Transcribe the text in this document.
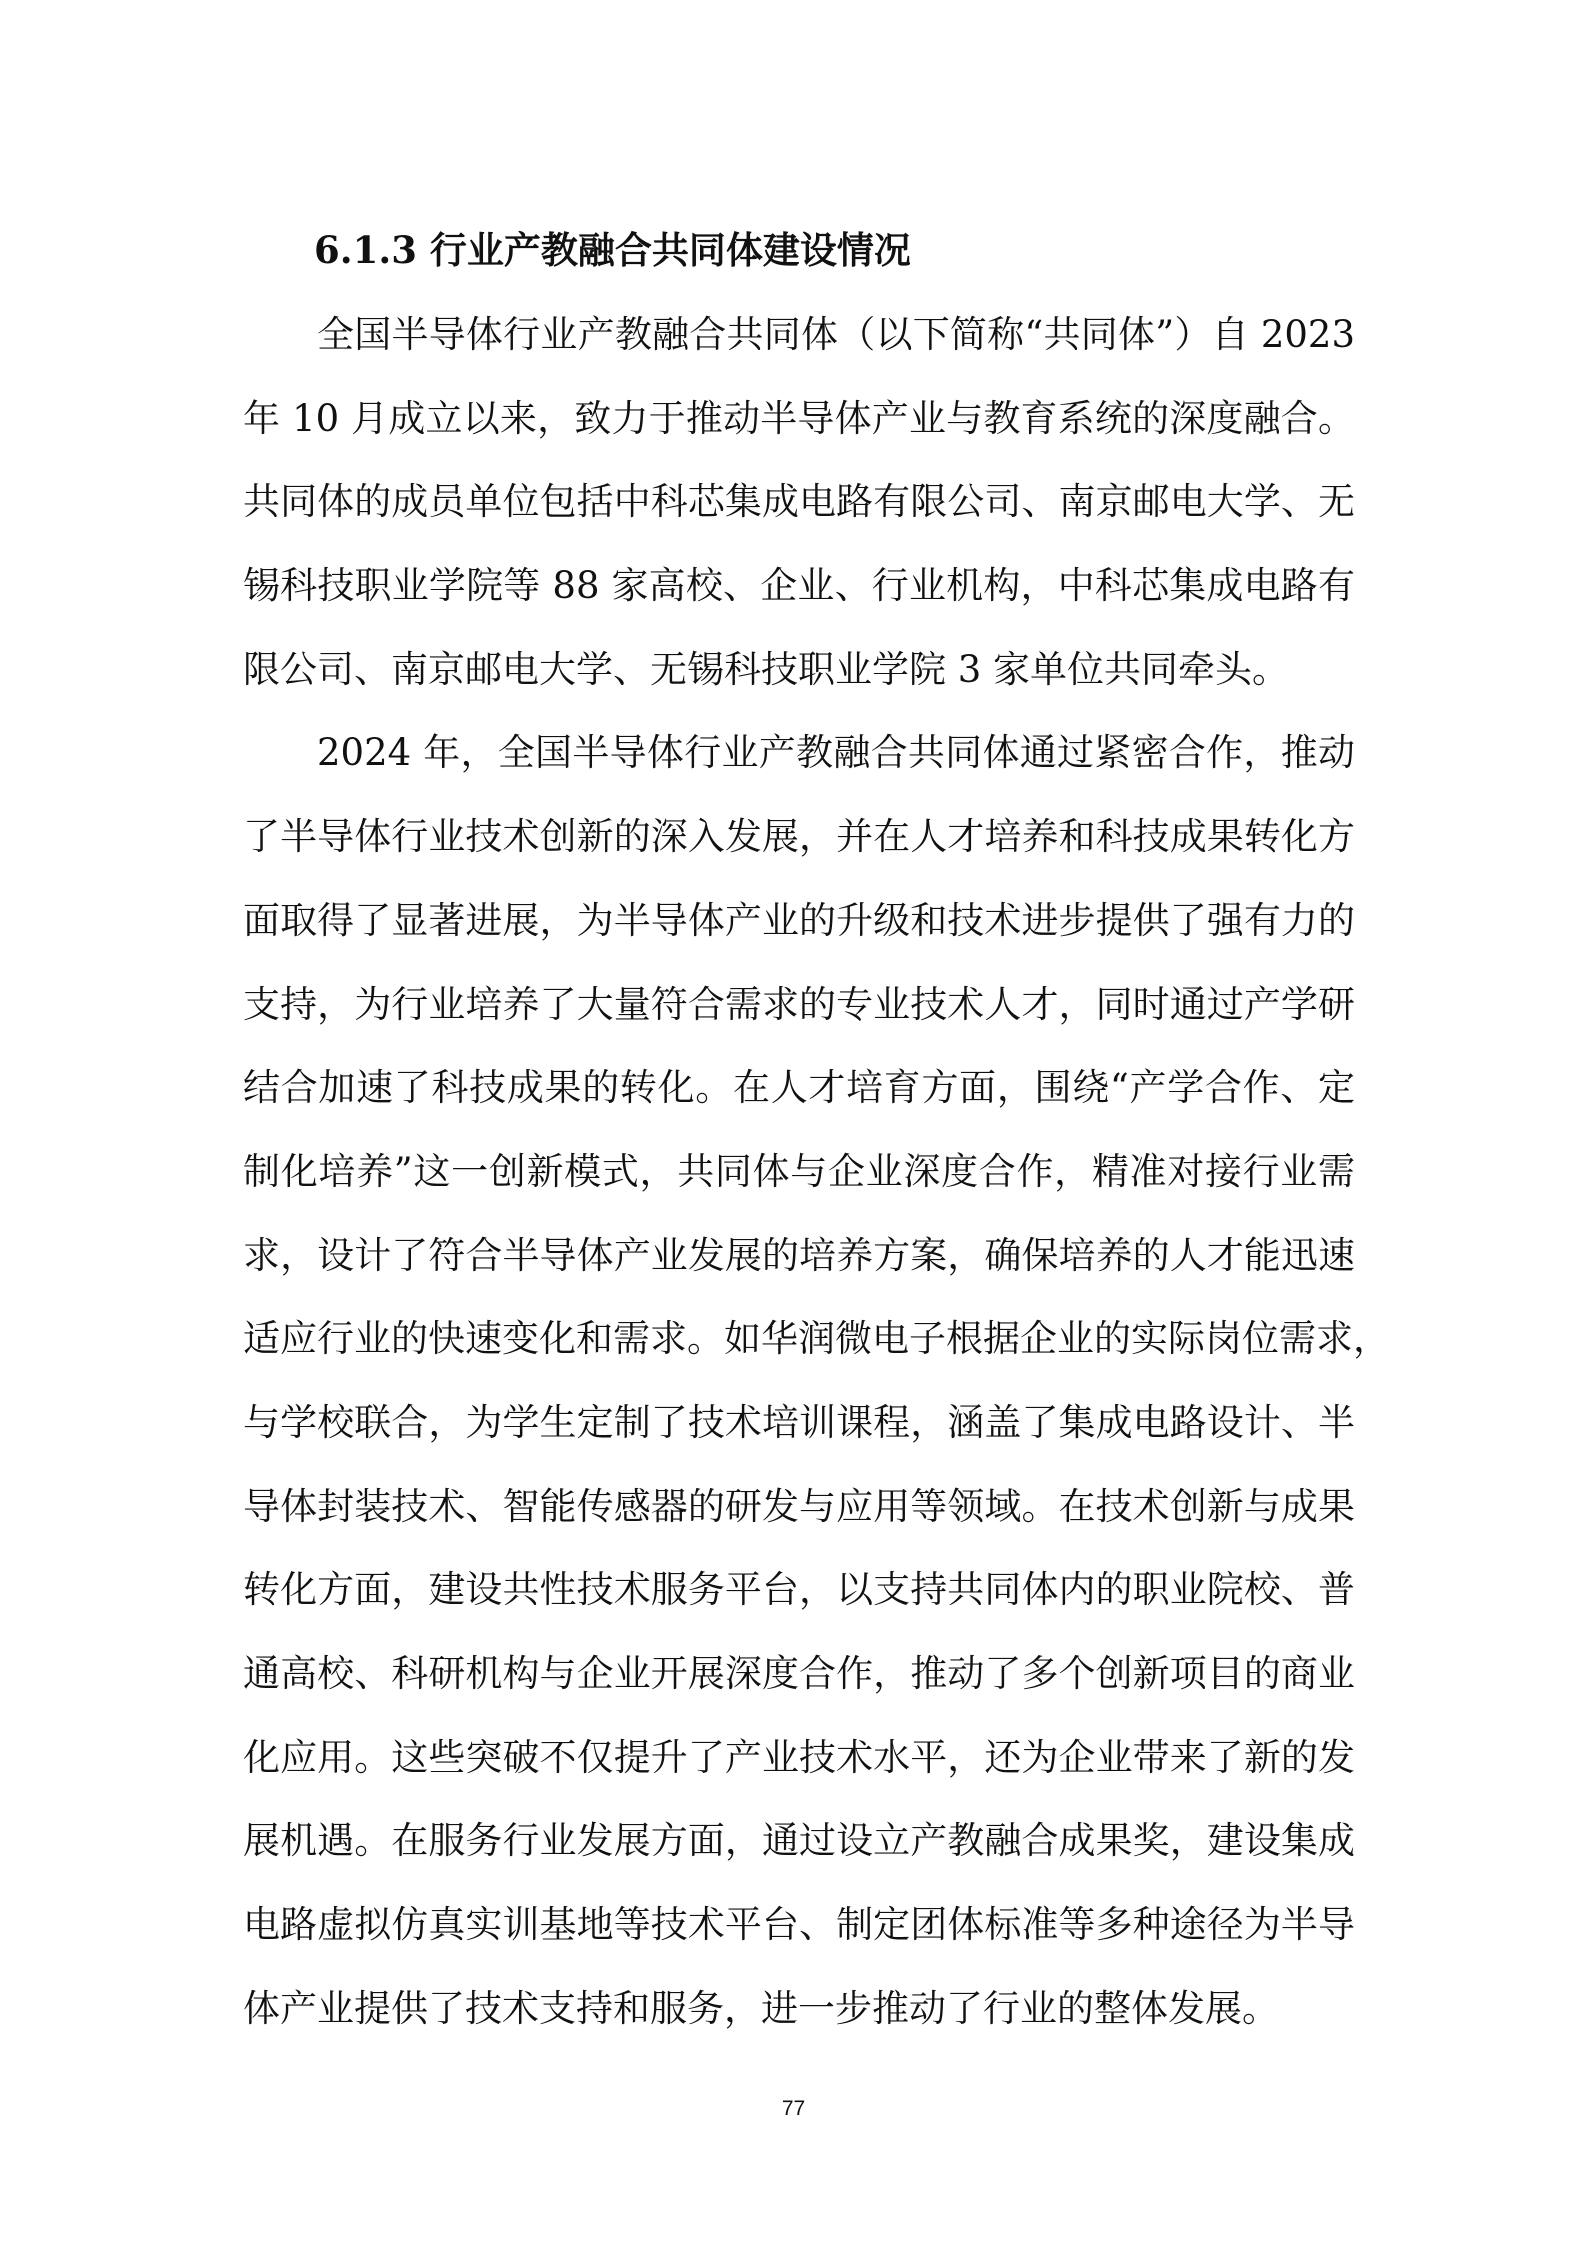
6.1.3 行业产教融合共同体建设情况
全国半导体行业产教融合共同体（以下简称“共同体”）自 2023
年 10 月成立以来，致力于推动半导体产业与教育系统的深度融合。
共同体的成员单位包括中科芯集成电路有限公司、南京邮电大学、无
锡科技职业学院等 88 家高校、企业、行业机构，中科芯集成电路有
限公司、南京邮电大学、无锡科技职业学院 3 家单位共同牵头。
2024 年，全国半导体行业产教融合共同体通过紧密合作，推动
了半导体行业技术创新的深入发展，并在人才培养和科技成果转化方
面取得了显著进展，为半导体产业的升级和技术进步提供了强有力的
支持，为行业培养了大量符合需求的专业技术人才，同时通过产学研
结合加速了科技成果的转化。在人才培育方面，围绕“产学合作、定
制化培养”这一创新模式，共同体与企业深度合作，精准对接行业需
求，设计了符合半导体产业发展的培养方案，确保培养的人才能迅速
适应行业的快速变化和需求。如华润微电子根据企业的实际岗位需求，
与学校联合，为学生定制了技术培训课程，涵盖了集成电路设计、半
导体封装技术、智能传感器的研发与应用等领域。在技术创新与成果
转化方面，建设共性技术服务平台，以支持共同体内的职业院校、普
通高校、科研机构与企业开展深度合作，推动了多个创新项目的商业
化应用。这些突破不仅提升了产业技术水平，还为企业带来了新的发
展机遇。在服务行业发展方面，通过设立产教融合成果奖，建设集成
电路虚拟仿真实训基地等技术平台、制定团体标准等多种途径为半导
体产业提供了技术支持和服务，进一步推动了行业的整体发展。
77
